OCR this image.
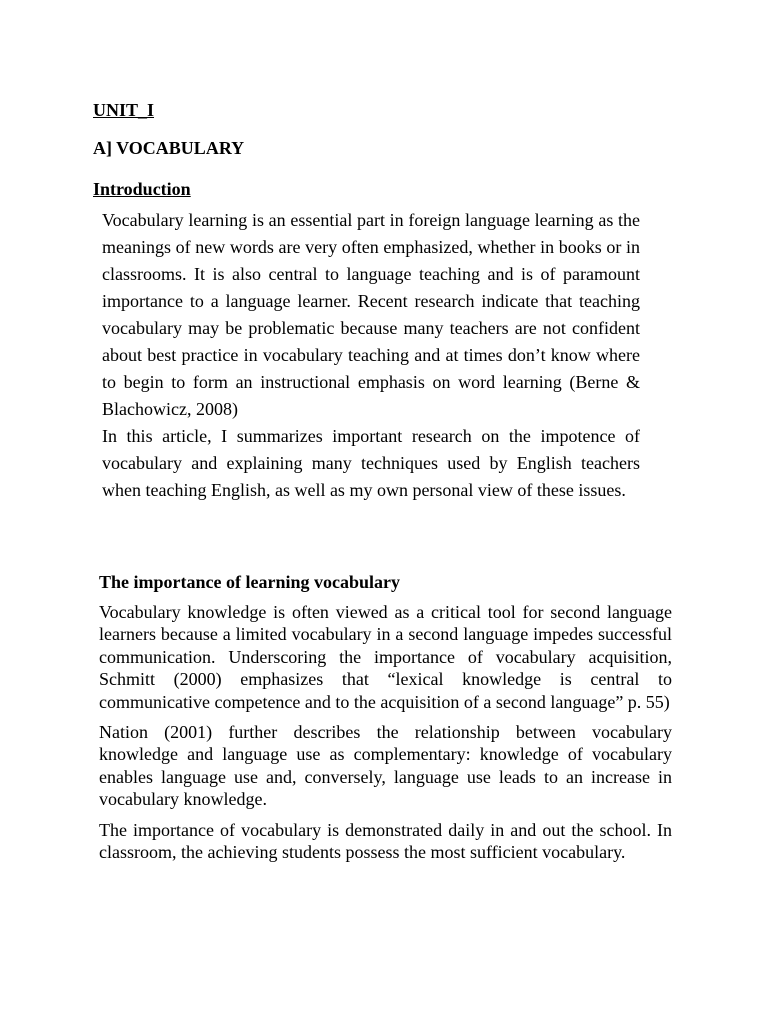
UNIT_I
A] VOCABULARY
Introduction

Vocabulary learning is an essential part in foreign language learning as the meanings of new words are very often emphasized, whether in books or in classrooms. It is also central to language teaching and is of paramount importance to a language learner. Recent research indicate that teaching vocabulary may be problematic because many teachers are not confident about best practice in vocabulary teaching and at times don’t know where to begin to form an instructional emphasis on word learning (Berne & Blachowicz, 2008)

In this article, I summarizes important research on the impotence of vocabulary and explaining many techniques used by English teachers when teaching English, as well as my own personal view of these issues.

The importance of learning vocabulary

Vocabulary knowledge is often viewed as a critical tool for second language learners because a limited vocabulary in a second language impedes successful communication. Underscoring the importance of vocabulary acquisition, Schmitt (2000) emphasizes that “lexical knowledge is central to communicative competence and to the acquisition of a second language” p. 55)

Nation (2001) further describes the relationship between vocabulary knowledge and language use as complementary: knowledge of vocabulary enables language use and, conversely, language use leads to an increase in vocabulary knowledge.

The importance of vocabulary is demonstrated daily in and out the school. In classroom, the achieving students possess the most sufficient vocabulary.
